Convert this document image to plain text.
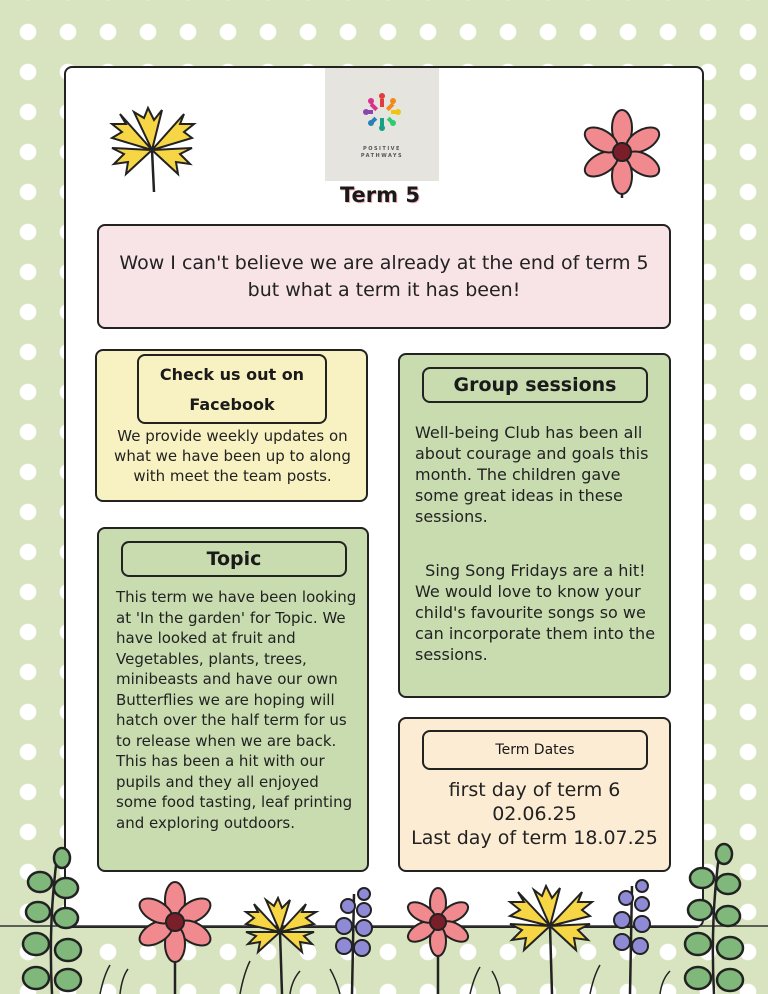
POSITIVE
PATHWAYS
Term 5
Wow I can't believe we are already at the end of term 5 but what a term it has been!
Check us out on
Facebook
We provide weekly updates on what we have been up to along with meet the team posts.
Group sessions
Well-being Club has been all about courage and goals this month. The children gave some great ideas in these sessions.
Sing Song Fridays are a hit! We would love to know your child's favourite songs so we can incorporate them into the sessions.
Topic
This term we have been looking at 'In the garden' for Topic. We have looked at fruit and Vegetables, plants, trees, minibeasts and have our own Butterflies we are hoping will hatch over the half term for us to release when we are back. This has been a hit with our pupils and they all enjoyed some food tasting, leaf printing and exploring outdoors.
Term Dates
first day of term 6
02.06.25
Last day of term 18.07.25
